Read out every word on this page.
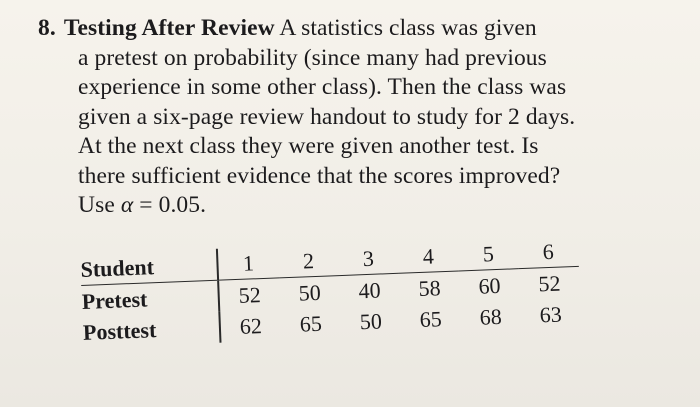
8. Testing After Review A statistics class was given
a pretest on probability (since many had previous
experience in some other class). Then the class was
given a six-page review handout to study for 2 days.
At the next class they were given another test. Is
there sufficient evidence that the scores improved?
Use α = 0.05.
Student	1	2	3	4	5	6
Pretest	52	50	40	58	60	52
Posttest	62	65	50	65	68	63
